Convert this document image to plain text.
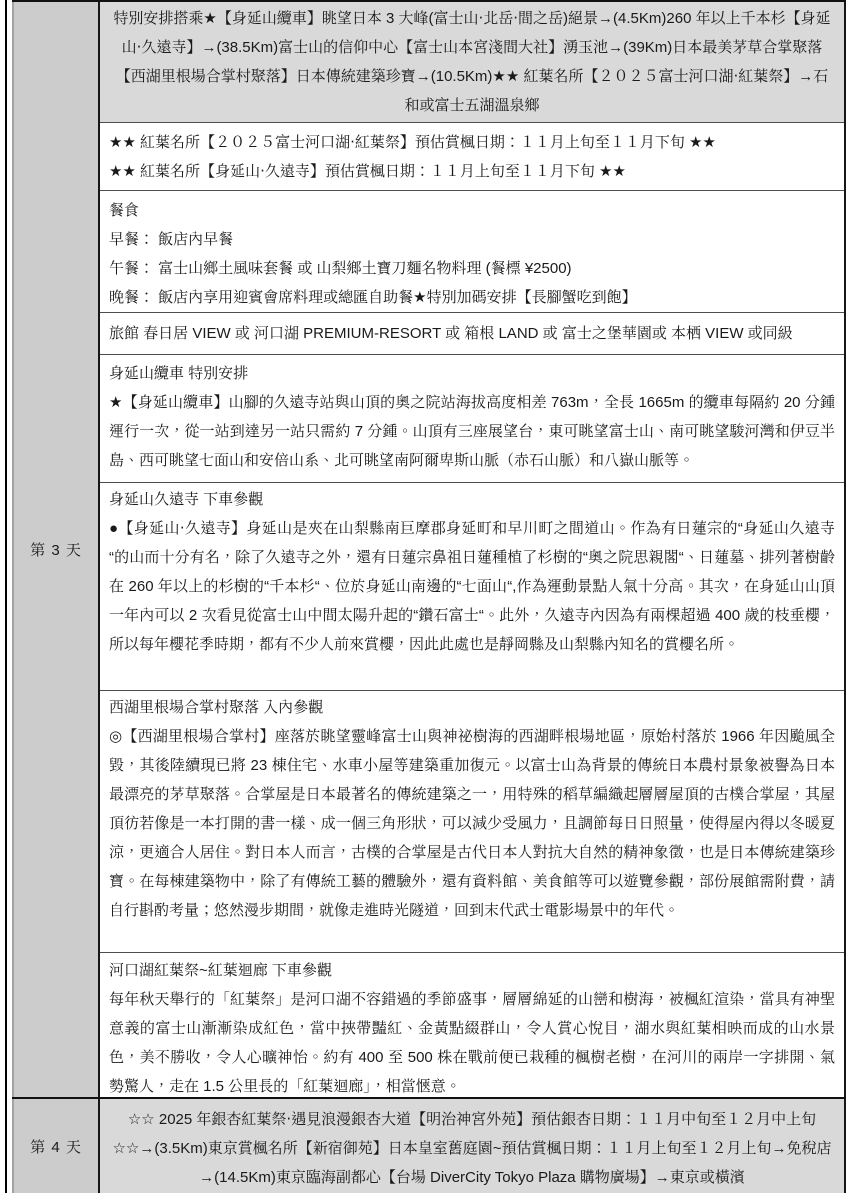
第 3 天
特別安排搭乘★【身延山纜車】眺望日本 3 大峰(富士山‧北岳‧間之岳)絕景→(4.5Km)260 年以上千本杉【身延山‧久遠寺】→(38.5Km)富士山的信仰中心【富士山本宮淺間大社】湧玉池→(39Km)日本最美茅草合掌聚落【西湖里根場合掌村聚落】日本傳統建築珍寶→(10.5Km)★★ 紅葉名所【２０２５富士河口湖‧紅葉祭】→石和或富士五湖溫泉鄉
★★ 紅葉名所【２０２５富士河口湖‧紅葉祭】預估賞楓日期：１１月上旬至１１月下旬 ★★
★★ 紅葉名所【身延山‧久遠寺】預估賞楓日期：１１月上旬至１１月下旬 ★★
餐食
早餐： 飯店內早餐
午餐： 富士山鄉土風味套餐 或 山梨鄉土寶刀麵名物料理 (餐標 ¥2500)
晚餐： 飯店內享用迎賓會席料理或總匯自助餐★特別加碼安排【長腳蟹吃到飽】
旅館 春日居 VIEW 或 河口湖 PREMIUM-RESORT 或 箱根 LAND 或 富士之堡華園或 本栖 VIEW 或同級
身延山纜車 特別安排
★【身延山纜車】山腳的久遠寺站與山頂的奧之院站海拔高度相差 763m，全長 1665m 的纜車每隔約 20 分鍾運行一次，從一站到達另一站只需約 7 分鍾。山頂有三座展望台，東可眺望富士山、南可眺望駿河灣和伊豆半島、西可眺望七面山和安倍山系、北可眺望南阿爾卑斯山脈（赤石山脈）和八嶽山脈等。
身延山久遠寺 下車參觀
●【身延山‧久遠寺】身延山是夾在山梨縣南巨摩郡身延町和早川町之間道山。作為有日蓮宗的“身延山久遠寺“的山而十分有名，除了久遠寺之外，還有日蓮宗鼻祖日蓮種植了杉樹的“奧之院思親閣“、日蓮墓、排列著樹齡在 260 年以上的杉樹的“千本杉“、位於身延山南邊的“七面山“,作為運動景點人氣十分高。其次，在身延山山頂一年內可以 2 次看見從富士山中間太陽升起的“鑽石富士“。此外，久遠寺內因為有兩棵超過 400 歲的枝垂櫻，所以每年櫻花季時期，都有不少人前來賞櫻，因此此處也是靜岡縣及山梨縣內知名的賞櫻名所。
西湖里根場合掌村聚落 入內參觀
◎【西湖里根場合掌村】座落於眺望靈峰富士山與神祕樹海的西湖畔根場地區，原始村落於 1966 年因颱風全毀，其後陸續現已將 23 棟住宅、水車小屋等建築重加復元。以富士山為背景的傳統日本農村景象被譽為日本最漂亮的茅草聚落。合掌屋是日本最著名的傳統建築之一，用特殊的稻草編織起層層屋頂的古樸合掌屋，其屋頂彷若像是一本打開的書一樣、成一個三角形狀，可以減少受風力，且調節每日日照量，使得屋內得以冬暖夏涼，更適合人居住。對日本人而言，古樸的合掌屋是古代日本人對抗大自然的精神象徵，也是日本傳統建築珍寶。在每棟建築物中，除了有傳統工藝的體驗外，還有資料館、美食館等可以遊覽參觀，部份展館需附費，請自行斟酌考量；悠然漫步期間，就像走進時光隧道，回到末代武士電影場景中的年代。
河口湖紅葉祭~紅葉迴廊 下車參觀
每年秋天舉行的「紅葉祭」是河口湖不容錯過的季節盛事，層層綿延的山巒和樹海，被楓紅渲染，當具有神聖意義的富士山漸漸染成紅色，當中挾帶豔紅、金黃點綴群山，令人賞心悅目，湖水與紅葉相映而成的山水景色，美不勝收，令人心曠神怡。約有 400 至 500 株在戰前便已栽種的楓樹老樹，在河川的兩岸一字排開、氣勢驚人，走在 1.5 公里長的「紅葉迴廊」，相當愜意。
第 4 天
☆☆ 2025 年銀杏紅葉祭‧遇見浪漫銀杏大道【明治神宮外苑】預估銀杏日期：１１月中旬至１２月中上旬 ☆☆→(3.5Km)東京賞楓名所【新宿御苑】日本皇室舊庭園~預估賞楓日期：１１月上旬至１２月上旬→免稅店→(14.5Km)東京臨海副都心【台場 DiverCity Tokyo Plaza 購物廣場】→東京或橫濱
